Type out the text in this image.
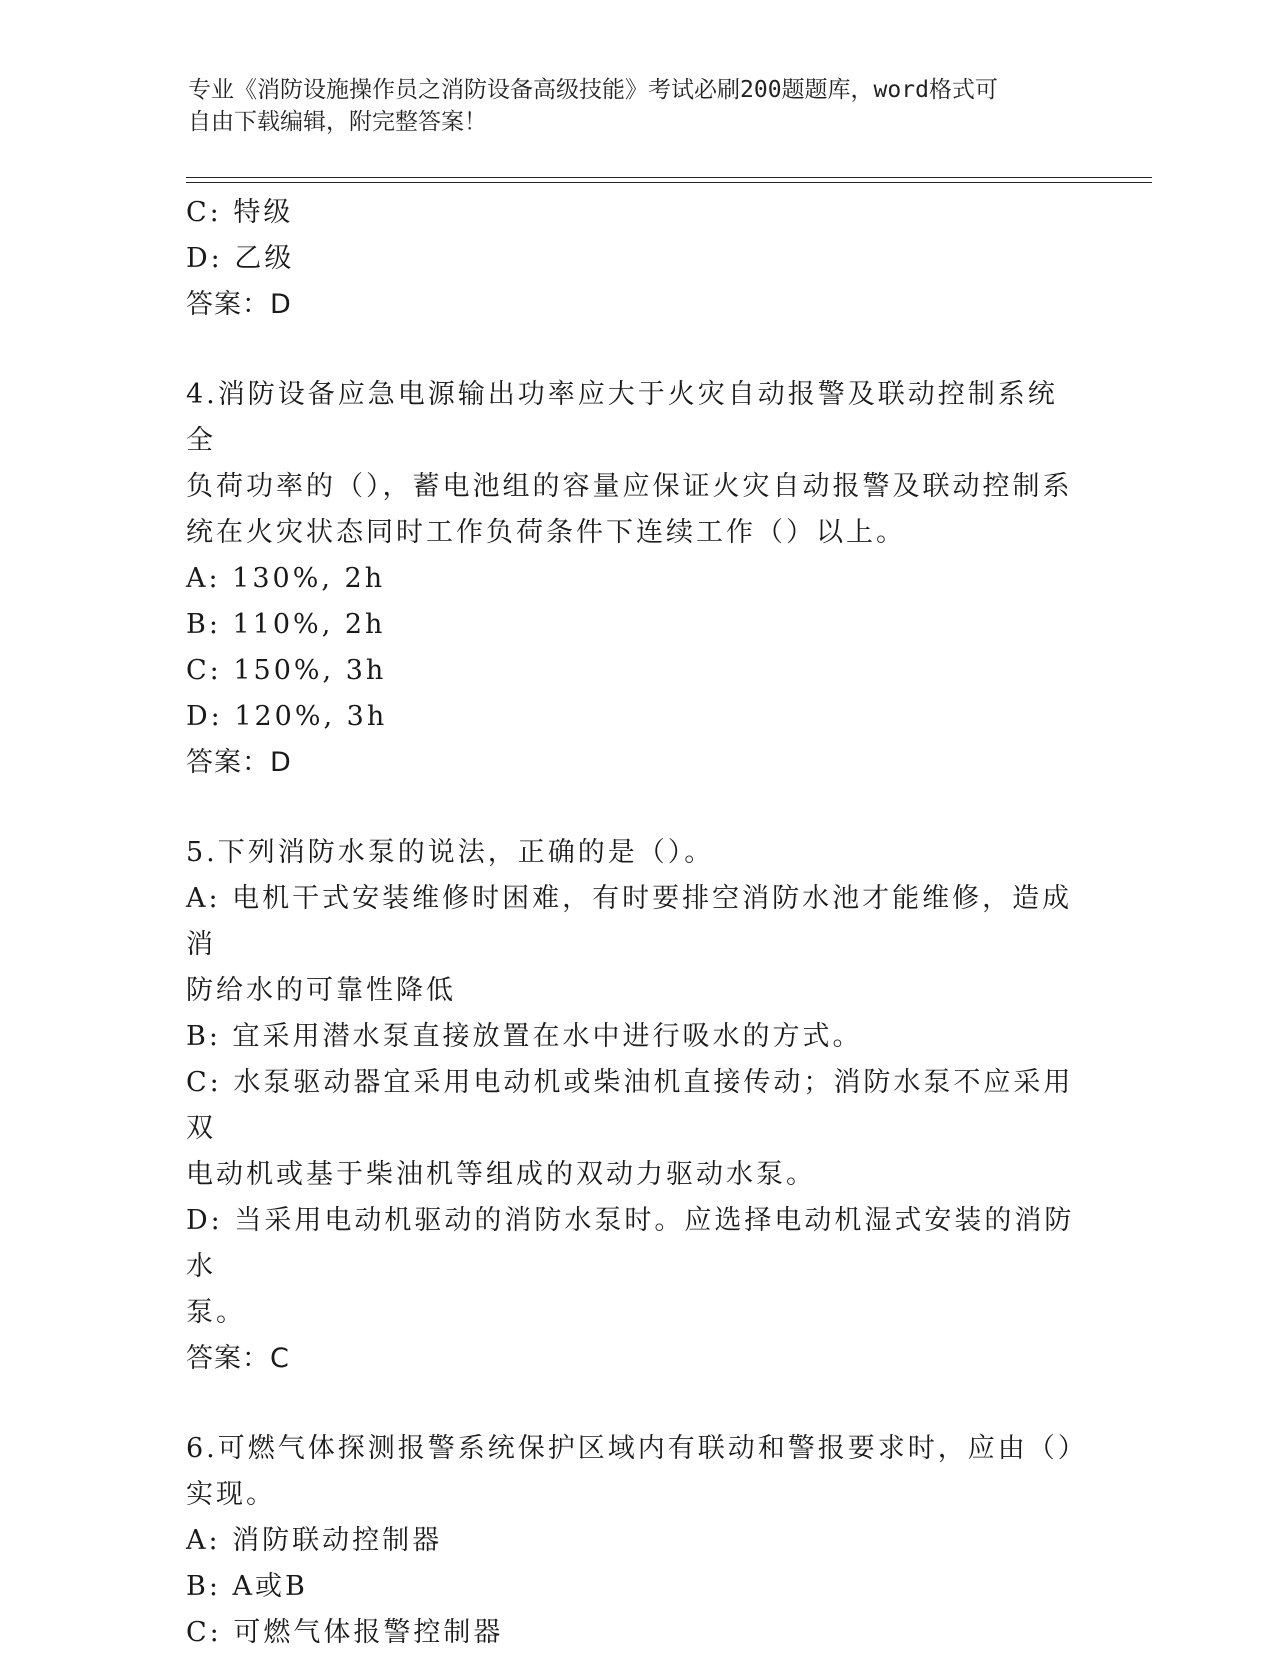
专业《消防设施操作员之消防设备高级技能》考试必刷200题题库，word格式可
自由下载编辑，附完整答案！

C: 特级

D: 乙级

答案：D

4.消防设备应急电源输出功率应大于火灾自动报警及联动控制系统全

负荷功率的（），蓄电池组的容量应保证火灾自动报警及联动控制系

统在火灾状态同时工作负荷条件下连续工作（）以上。

A: 130%, 2h

B: 110%, 2h

C: 150%, 3h

D: 120%, 3h

答案：D

5.下列消防水泵的说法，正确的是（）。

A: 电机干式安装维修时困难，有时要排空消防水池才能维修，造成消

防给水的可靠性降低

B: 宜采用潜水泵直接放置在水中进行吸水的方式。

C: 水泵驱动器宜采用电动机或柴油机直接传动；消防水泵不应采用双

电动机或基于柴油机等组成的双动力驱动水泵。

D: 当采用电动机驱动的消防水泵时。应选择电动机湿式安装的消防水

泵。

答案：C

6.可燃气体探测报警系统保护区域内有联动和警报要求时，应由（）

实现。

A: 消防联动控制器

B: A或B

C: 可燃气体报警控制器
